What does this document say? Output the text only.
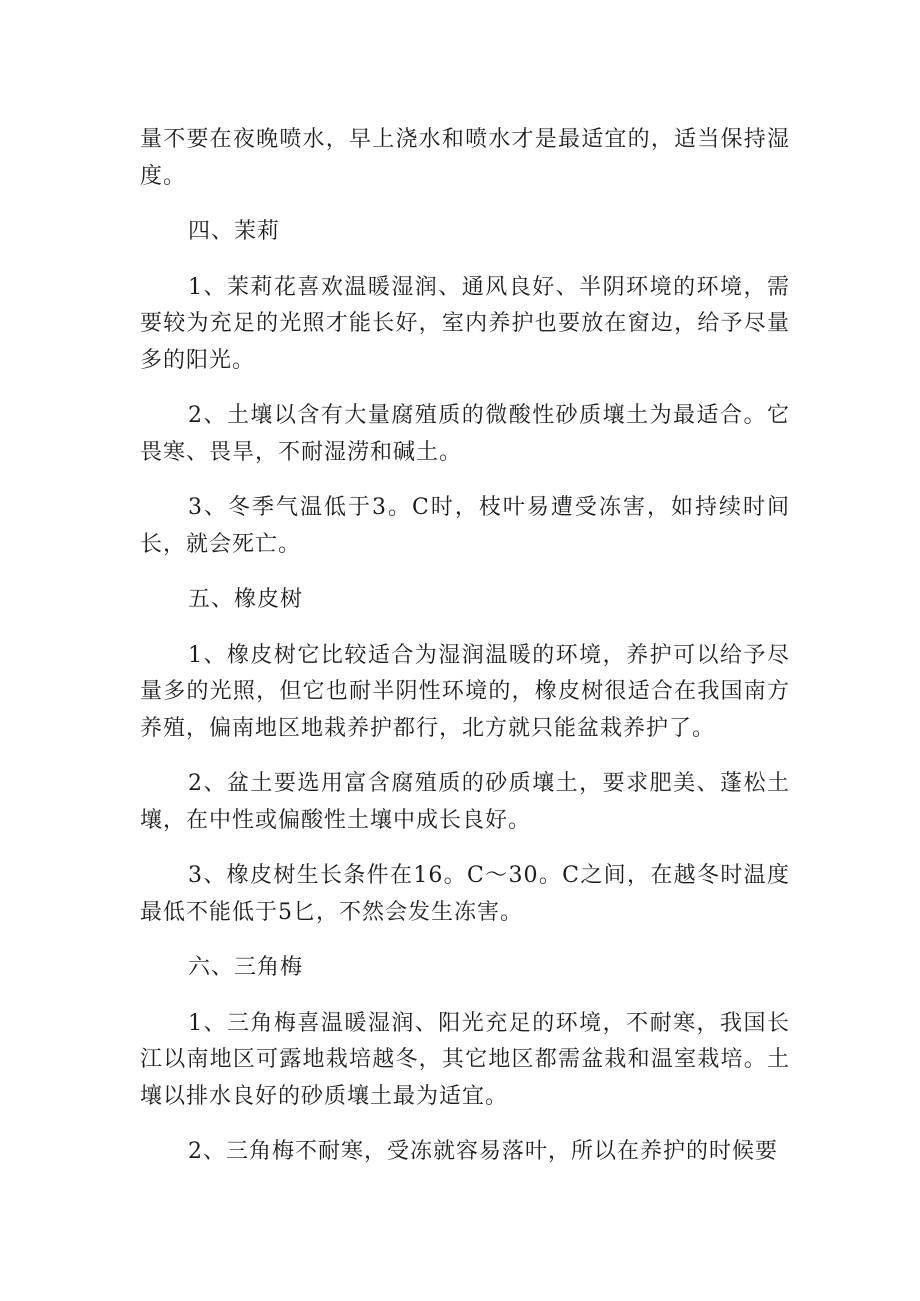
量不要在夜晚喷水，早上浇水和喷水才是最适宜的，适当保持湿度。

四、茉莉

1、茉莉花喜欢温暖湿润、通风良好、半阴环境的环境，需要较为充足的光照才能长好，室内养护也要放在窗边，给予尽量多的阳光。

2、土壤以含有大量腐殖质的微酸性砂质壤土为最适合。它畏寒、畏旱，不耐湿涝和碱土。

3、冬季气温低于3。C时，枝叶易遭受冻害，如持续时间长，就会死亡。

五、橡皮树

1、橡皮树它比较适合为湿润温暖的环境，养护可以给予尽量多的光照，但它也耐半阴性环境的，橡皮树很适合在我国南方养殖，偏南地区地栽养护都行，北方就只能盆栽养护了。

2、盆土要选用富含腐殖质的砂质壤土，要求肥美、蓬松土壤，在中性或偏酸性土壤中成长良好。

3、橡皮树生长条件在16。C～30。C之间，在越冬时温度最低不能低于5匕，不然会发生冻害。

六、三角梅

1、三角梅喜温暖湿润、阳光充足的环境，不耐寒，我国长江以南地区可露地栽培越冬，其它地区都需盆栽和温室栽培。土壤以排水良好的砂质壤土最为适宜。

2、三角梅不耐寒，受冻就容易落叶，所以在养护的时候要
